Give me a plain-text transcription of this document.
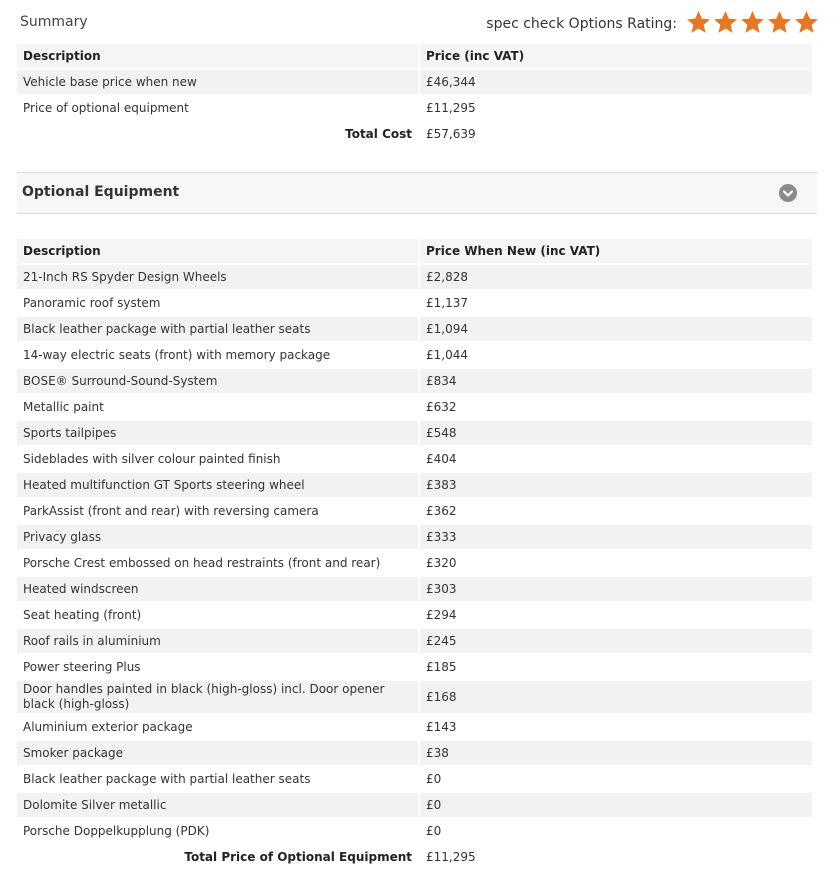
Summary	spec check Options Rating:
Description	Price (inc VAT)
Vehicle base price when new	£46,344
Price of optional equipment	£11,295
Total Cost	£57,639
Optional Equipment
Description	Price When New (inc VAT)
21-Inch RS Spyder Design Wheels	£2,828
Panoramic roof system	£1,137
Black leather package with partial leather seats	£1,094
14-way electric seats (front) with memory package	£1,044
BOSE® Surround-Sound-System	£834
Metallic paint	£632
Sports tailpipes	£548
Sideblades with silver colour painted finish	£404
Heated multifunction GT Sports steering wheel	£383
ParkAssist (front and rear) with reversing camera	£362
Privacy glass	£333
Porsche Crest embossed on head restraints (front and rear)	£320
Heated windscreen	£303
Seat heating (front)	£294
Roof rails in aluminium	£245
Power steering Plus	£185
Door handles painted in black (high-gloss) incl. Door opener black (high-gloss)	£168
Aluminium exterior package	£143
Smoker package	£38
Black leather package with partial leather seats	£0
Dolomite Silver metallic	£0
Porsche Doppelkupplung (PDK)	£0
Total Price of Optional Equipment	£11,295
